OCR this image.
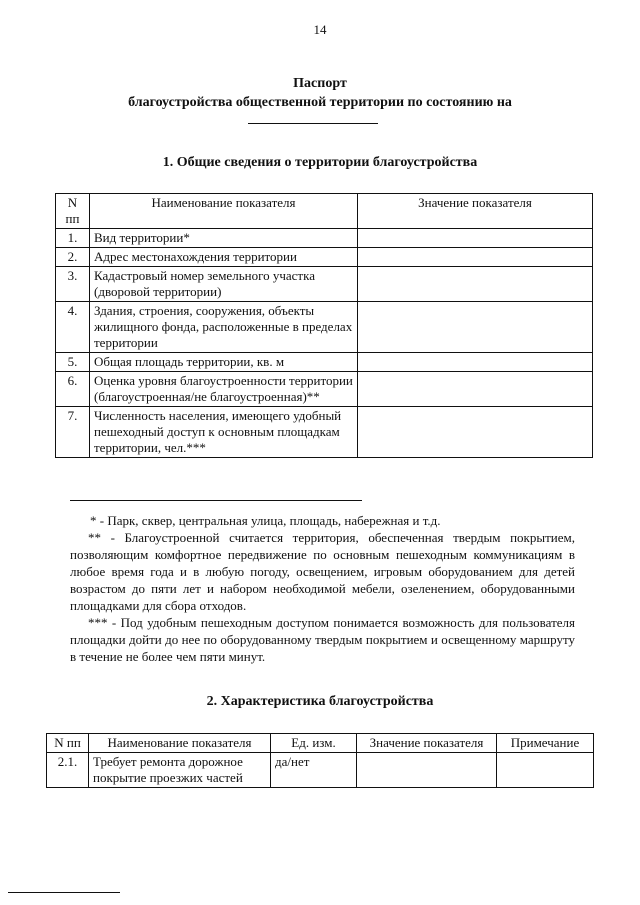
14
Паспорт
благоустройства общественной территории по состоянию на
1. Общие сведения о территории благоустройства
N пп	Наименование показателя	Значение показателя
1.	Вид территории*	
2.	Адрес местонахождения территории	
3.	Кадастровый номер земельного участка (дворовой территории)	
4.	Здания, строения, сооружения, объекты жилищного фонда, расположенные в пределах территории	
5.	Общая площадь территории, кв. м	
6.	Оценка уровня благоустроенности территории (благоустроенная/не благоустроенная)**	
7.	Численность населения, имеющего удобный пешеходный доступ к основным площадкам территории, чел.***	

* - Парк, сквер, центральная улица, площадь, набережная и т.д.

** - Благоустроенной считается территория, обеспеченная твердым покрытием, позволяющим комфортное передвижение по основным пешеходным коммуникациям в любое время года и в любую погоду, освещением, игровым оборудованием для детей возрастом до пяти лет и набором необходимой мебели, озеленением, оборудованными площадками для сбора отходов.

*** - Под удобным пешеходным доступом понимается возможность для пользователя площадки дойти до нее по оборудованному твердым покрытием и освещенному маршруту в течение не более чем пяти минут.

2. Характеристика благоустройства
N пп	Наименование показателя	Ед. изм.	Значение показателя	Примечание
2.1.	Требует ремонта дорожное покрытие проезжих частей	да/нет		
